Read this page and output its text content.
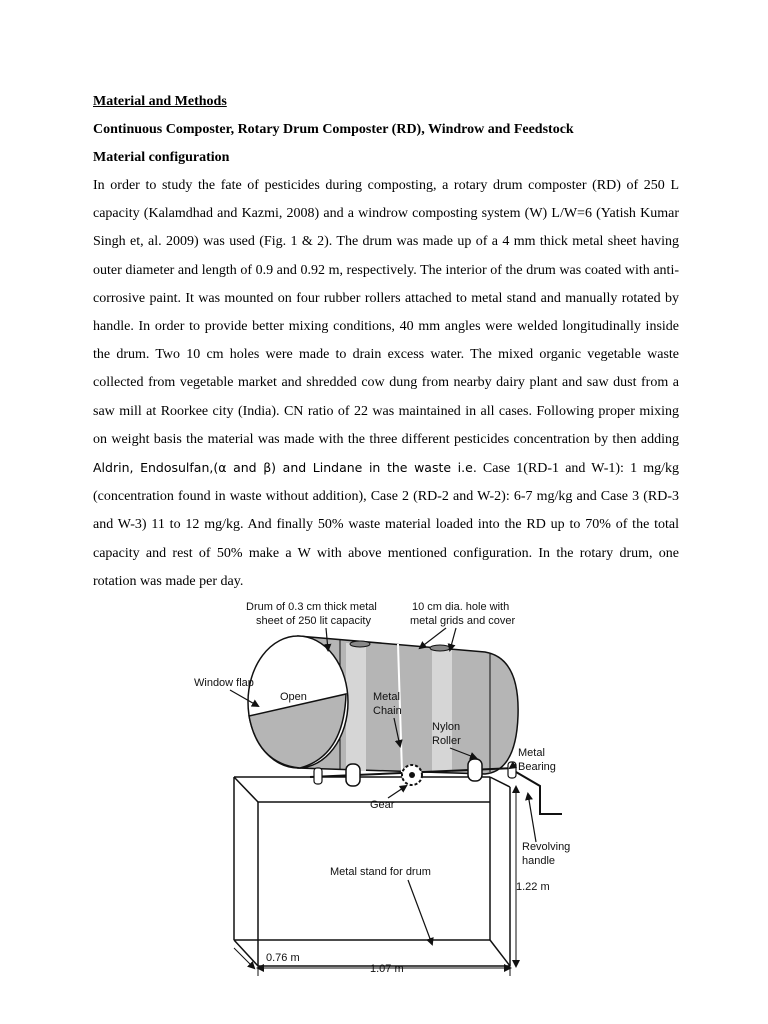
Material and Methods

Continuous Composter, Rotary Drum Composter (RD), Windrow and Feedstock

Material configuration

In order to study the fate of pesticides during composting, a rotary drum composter (RD) of 250 L capacity (Kalamdhad and Kazmi, 2008) and a windrow composting system (W) L/W=6 (Yatish Kumar Singh et, al. 2009) was used (Fig. 1 & 2). The drum was made up of a 4 mm thick metal sheet having outer diameter and length of 0.9 and 0.92 m, respectively. The interior of the drum was coated with anti-corrosive paint. It was mounted on four rubber rollers attached to metal stand and manually rotated by handle. In order to provide better mixing conditions, 40 mm angles were welded longitudinally inside the drum. Two 10 cm holes were made to drain excess water. The mixed organic vegetable waste collected from vegetable market and shredded cow dung from nearby dairy plant and saw dust from a saw mill at Roorkee city (India). CN ratio of 22 was maintained in all cases. Following proper mixing on weight basis the material was made with the three different pesticides concentration by then adding Aldrin, Endosulfan,(α and β) and Lindane in the waste i.e. Case 1(RD-1 and W-1): 1 mg/kg (concentration found in waste without addition), Case 2 (RD-2 and W-2): 6-7 mg/kg and Case 3 (RD-3 and W-3) 11 to 12 mg/kg. And finally 50% waste material loaded into the RD up to 70% of the total capacity and rest of 50% make a W with above mentioned configuration. In the rotary drum, one rotation was made per day.

Drum of 0.3 cm thick metal
sheet of 250 lit capacity
10 cm dia. hole with
metal grids and cover
Window flap
Open	Metal
Chain
Nylon
Roller
Metal
Bearing
Gear
Revolving
handle
Metal stand for drum
1.22 m
0.76 m
1.07 m
